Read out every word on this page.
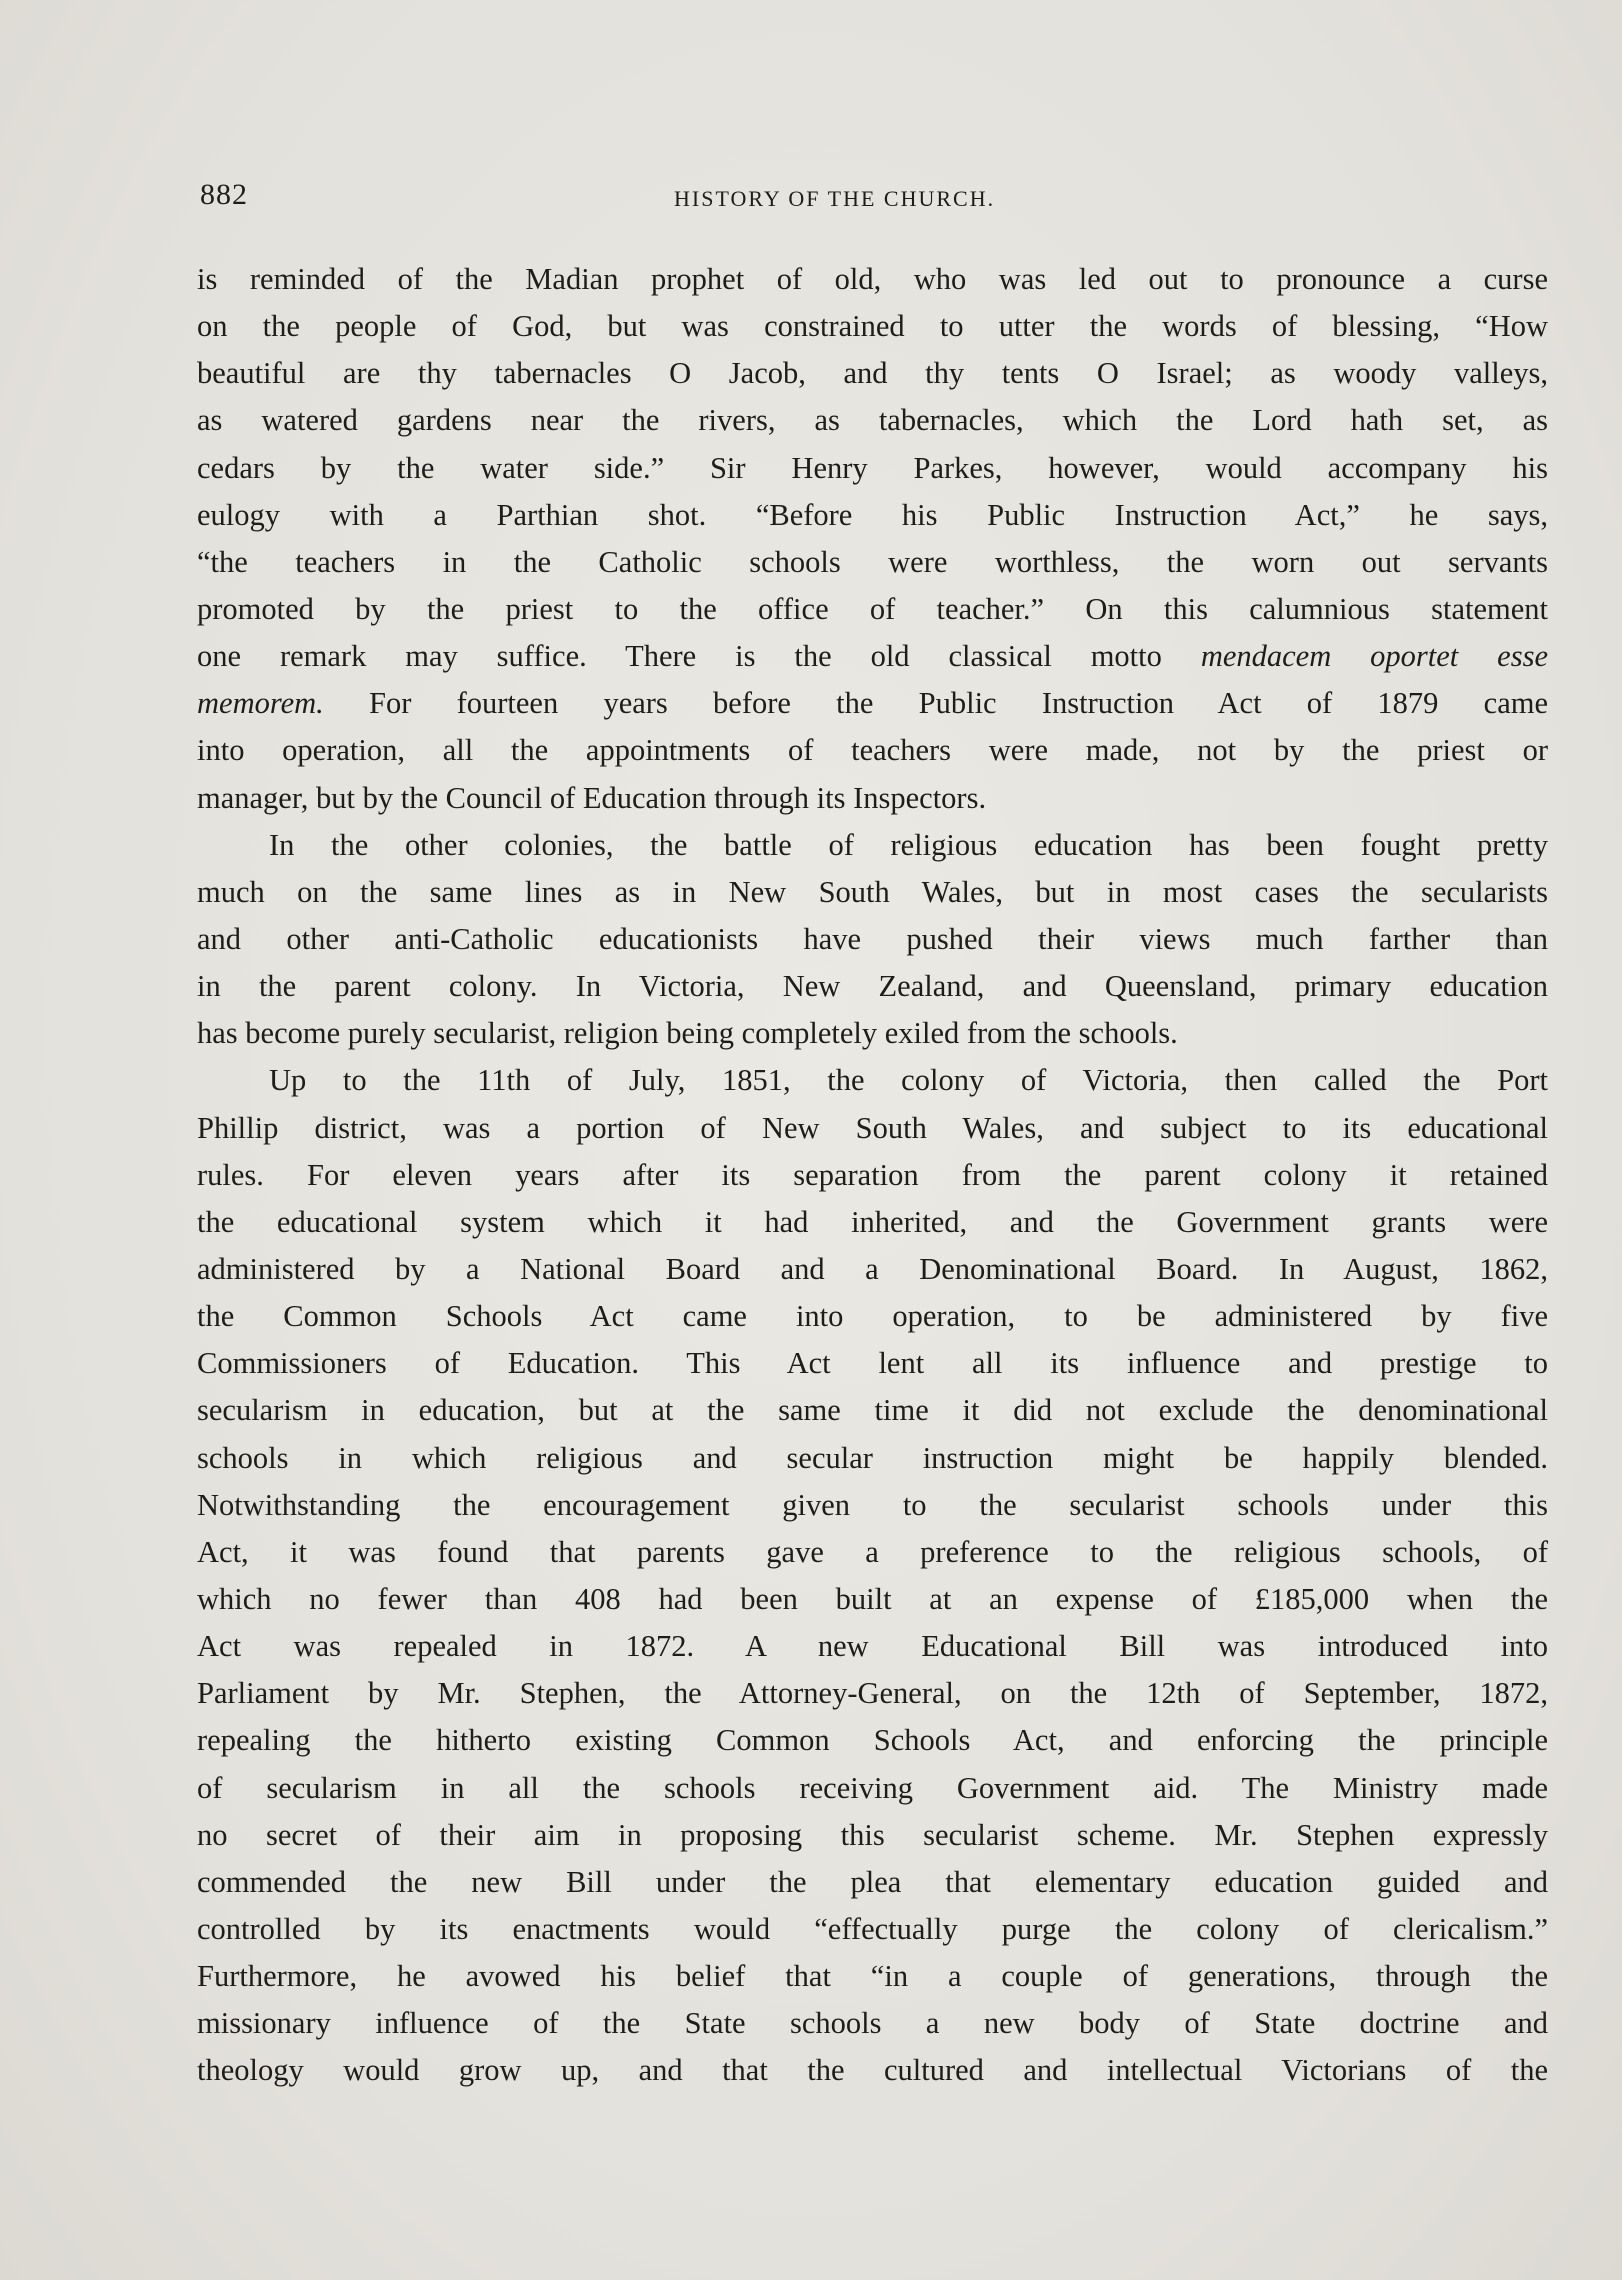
882	HISTORY OF THE CHURCH.
is reminded of the Madian prophet of old, who was led out to pronounce a curse
on the people of God, but was constrained to utter the words of blessing, “How
beautiful are thy tabernacles O Jacob, and thy tents O Israel; as woody valleys,
as watered gardens near the rivers, as tabernacles, which the Lord hath set, as
cedars by the water side.” Sir Henry Parkes, however, would accompany his
eulogy with a Parthian shot. “Before his Public Instruction Act,” he says,
“the teachers in the Catholic schools were worthless, the worn out servants
promoted by the priest to the office of teacher.” On this calumnious statement
one remark may suffice. There is the old classical motto mendacem oportet esse
memorem. For fourteen years before the Public Instruction Act of 1879 came
into operation, all the appointments of teachers were made, not by the priest or
manager, but by the Council of Education through its Inspectors.
In the other colonies, the battle of religious education has been fought pretty
much on the same lines as in New South Wales, but in most cases the secularists
and other anti-Catholic educationists have pushed their views much farther than
in the parent colony. In Victoria, New Zealand, and Queensland, primary education
has become purely secularist, religion being completely exiled from the schools.
Up to the 11th of July, 1851, the colony of Victoria, then called the Port
Phillip district, was a portion of New South Wales, and subject to its educational
rules. For eleven years after its separation from the parent colony it retained
the educational system which it had inherited, and the Government grants were
administered by a National Board and a Denominational Board. In August, 1862,
the Common Schools Act came into operation, to be administered by five
Commissioners of Education. This Act lent all its influence and prestige to
secularism in education, but at the same time it did not exclude the denominational
schools in which religious and secular instruction might be happily blended.
Notwithstanding the encouragement given to the secularist schools under this
Act, it was found that parents gave a preference to the religious schools, of
which no fewer than 408 had been built at an expense of £185,000 when the
Act was repealed in 1872. A new Educational Bill was introduced into
Parliament by Mr. Stephen, the Attorney-General, on the 12th of September, 1872,
repealing the hitherto existing Common Schools Act, and enforcing the principle
of secularism in all the schools receiving Government aid. The Ministry made
no secret of their aim in proposing this secularist scheme. Mr. Stephen expressly
commended the new Bill under the plea that elementary education guided and
controlled by its enactments would “effectually purge the colony of clericalism.”
Furthermore, he avowed his belief that “in a couple of generations, through the
missionary influence of the State schools a new body of State doctrine and
theology would grow up, and that the cultured and intellectual Victorians of the
